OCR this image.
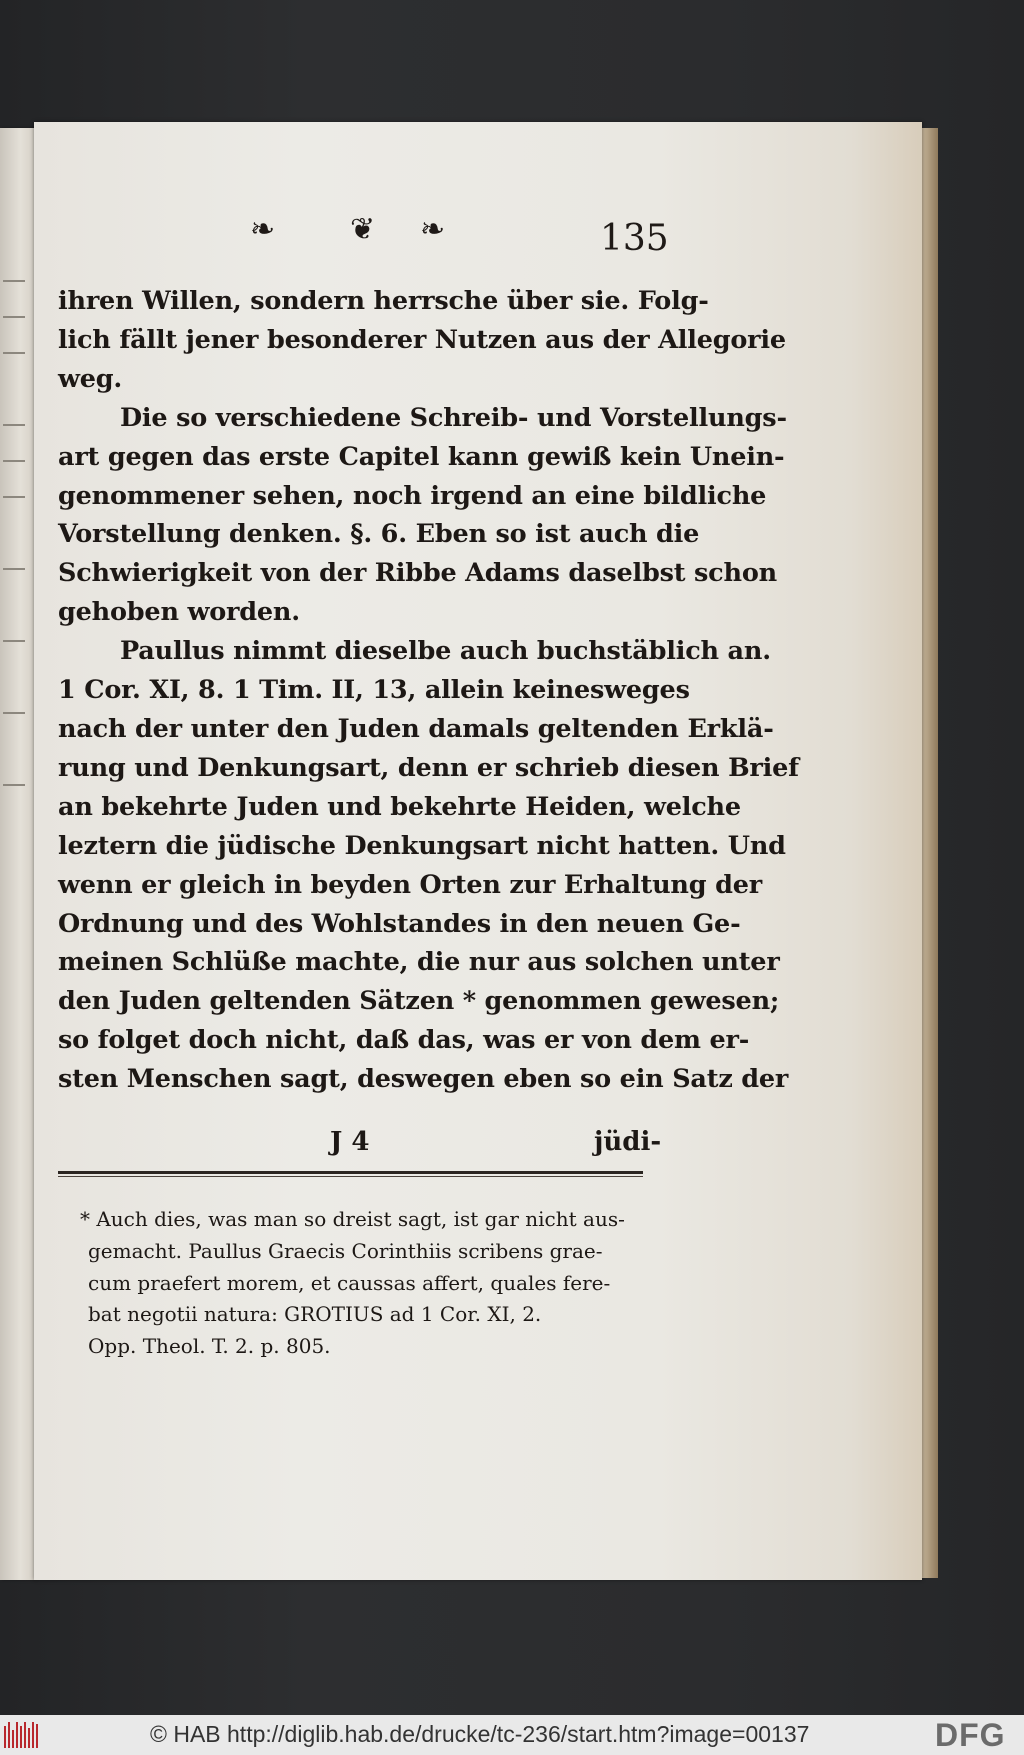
❧ ❦ ❧	135
ihren Willen, sondern herrsche über sie. Folg-
lich fällt jener besonderer Nutzen aus der Allegorie
weg.
Die so verschiedene Schreib- und Vorstellungs-
art gegen das erste Capitel kann gewiß kein Unein-
genommener sehen, noch irgend an eine bildliche
Vorstellung denken. §. 6. Eben so ist auch die
Schwierigkeit von der Ribbe Adams daselbst schon
gehoben worden.
Paullus nimmt dieselbe auch buchstäblich an.
1 Cor. XI, 8. 1 Tim. II, 13, allein keinesweges
nach der unter den Juden damals geltenden Erklä-
rung und Denkungsart, denn er schrieb diesen Brief
an bekehrte Juden und bekehrte Heiden, welche
leztern die jüdische Denkungsart nicht hatten. Und
wenn er gleich in beyden Orten zur Erhaltung der
Ordnung und des Wohlstandes in den neuen Ge-
meinen Schlüße machte, die nur aus solchen unter
den Juden geltenden Sätzen * genommen gewesen;
so folget doch nicht, daß das, was er von dem er-
sten Menschen sagt, deswegen eben so ein Satz der
J 4	jüdi-
* Auch dies, was man so dreist sagt, ist gar nicht aus-
gemacht. Paullus Graecis Corinthiis scribens grae-
cum praefert morem, et caussas affert, quales fere-
bat negotii natura: GROTIUS ad 1 Cor. XI, 2.
Opp. Theol. T. 2. p. 805.
© HAB http://diglib.hab.de/drucke/tc-236/start.htm?image=00137	DFG
